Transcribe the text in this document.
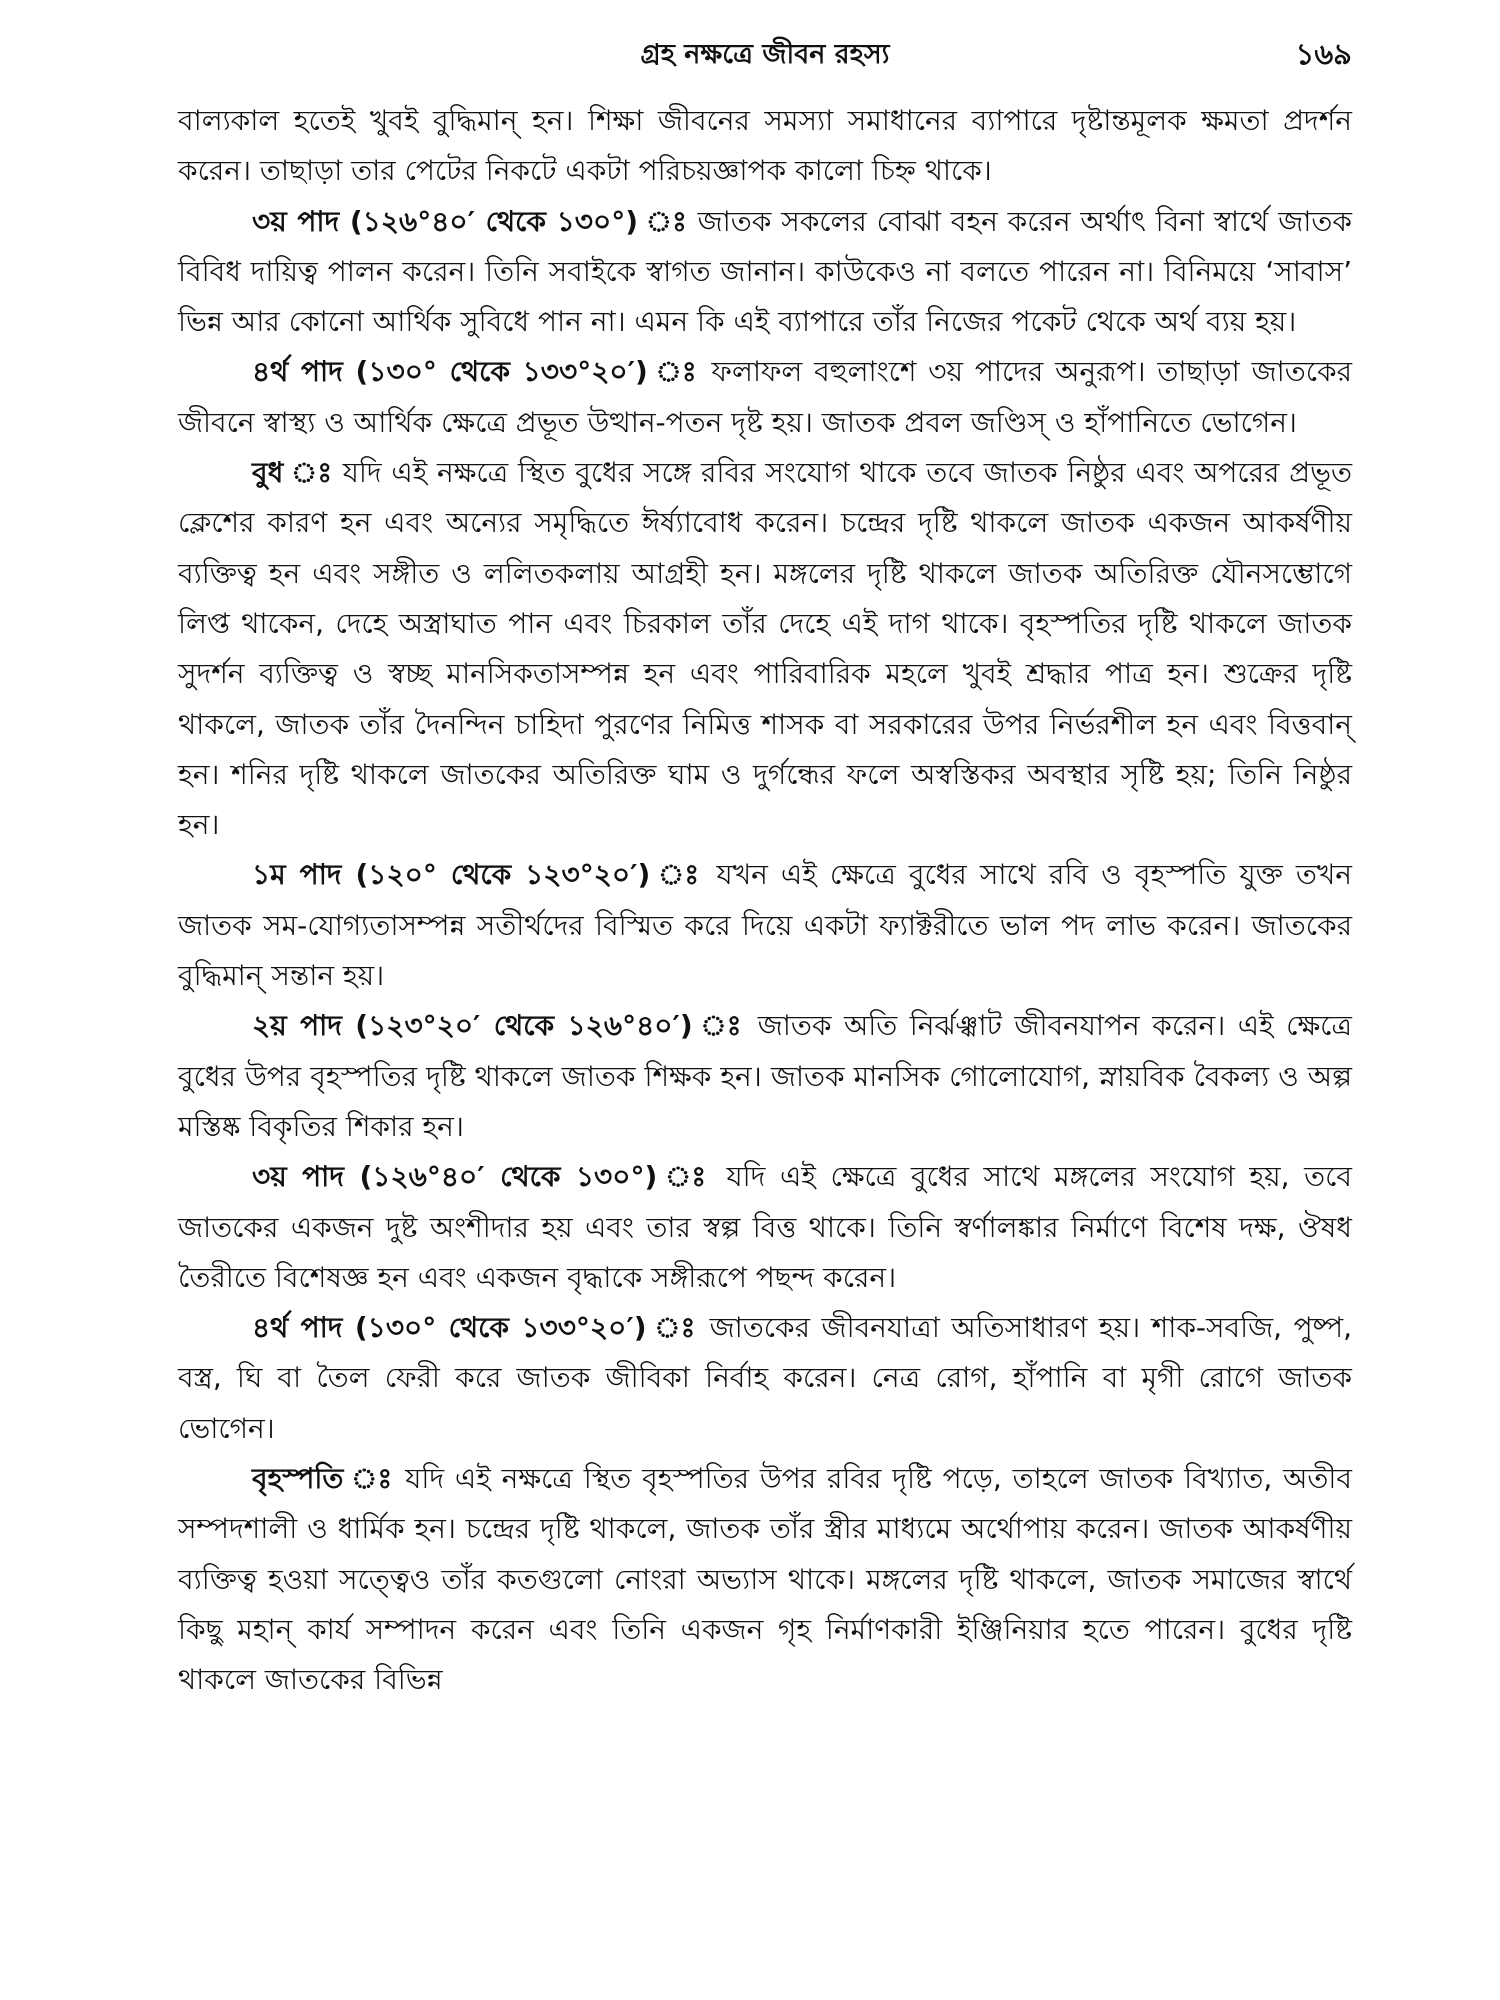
গ্রহ নক্ষত্রে জীবন রহস্য	১৬৯

বাল্যকাল হতেই খুবই বুদ্ধিমান্‌ হন। শিক্ষা জীবনের সমস্যা সমাধানের ব্যাপারে দৃষ্টান্তমূলক ক্ষমতা প্রদর্শন করেন। তাছাড়া তার পেটের নিকটে একটা পরিচয়জ্ঞাপক কালো চিহ্ন থাকে।

৩য় পাদ (১২৬°৪০′ থেকে ১৩০°) ঃ জাতক সকলের বোঝা বহন করেন অর্থাৎ বিনা স্বার্থে জাতক বিবিধ দায়িত্ব পালন করেন। তিনি সবাইকে স্বাগত জানান। কাউকেও না বলতে পারেন না। বিনিময়ে ‘সাবাস’ ভিন্ন আর কোনো আর্থিক সুবিধে পান না। এমন কি এই ব্যাপারে তাঁর নিজের পকেট থেকে অর্থ ব্যয় হয়।

৪র্থ পাদ (১৩০° থেকে ১৩৩°২০′) ঃ ফলাফল বহুলাংশে ৩য় পাদের অনুরূপ। তাছাড়া জাতকের জীবনে স্বাস্থ্য ও আর্থিক ক্ষেত্রে প্রভূত উত্থান-পতন দৃষ্ট হয়। জাতক প্রবল জণ্ডিস্‌ ও হাঁপানিতে ভোগেন।

বুধ ঃ যদি এই নক্ষত্রে স্থিত বুধের সঙ্গে রবির সংযোগ থাকে তবে জাতক নিষ্ঠুর এবং অপরের প্রভূত ক্লেশের কারণ হন এবং অন্যের সমৃদ্ধিতে ঈর্ষ্যাবোধ করেন। চন্দ্রের দৃষ্টি থাকলে জাতক একজন আকর্ষণীয় ব্যক্তিত্ব হন এবং সঙ্গীত ও ললিতকলায় আগ্রহী হন। মঙ্গলের দৃষ্টি থাকলে জাতক অতিরিক্ত যৌনসম্ভোগে লিপ্ত থাকেন, দেহে অস্ত্রাঘাত পান এবং চিরকাল তাঁর দেহে এই দাগ থাকে। বৃহস্পতির দৃষ্টি থাকলে জাতক সুদর্শন ব্যক্তিত্ব ও স্বচ্ছ মানসিকতাসম্পন্ন হন এবং পারিবারিক মহলে খুবই শ্রদ্ধার পাত্র হন। শুক্রের দৃষ্টি থাকলে, জাতক তাঁর দৈনন্দিন চাহিদা পুরণের নিমিত্ত শাসক বা সরকারের উপর নির্ভরশীল হন এবং বিত্তবান্‌ হন। শনির দৃষ্টি থাকলে জাতকের অতিরিক্ত ঘাম ও দুর্গন্ধের ফলে অস্বস্তিকর অবস্থার সৃষ্টি হয়; তিনি নিষ্ঠুর হন।

১ম পাদ (১২০° থেকে ১২৩°২০′) ঃ যখন এই ক্ষেত্রে বুধের সাথে রবি ও বৃহস্পতি যুক্ত তখন জাতক সম-যোগ্যতাসম্পন্ন সতীর্থদের বিস্মিত করে দিয়ে একটা ফ্যাক্টরীতে ভাল পদ লাভ করেন। জাতকের বুদ্ধিমান্‌ সন্তান হয়।

২য় পাদ (১২৩°২০′ থেকে ১২৬°৪০′) ঃ জাতক অতি নির্ঝঞ্ঝাট জীবনযাপন করেন। এই ক্ষেত্রে বুধের উপর বৃহস্পতির দৃষ্টি থাকলে জাতক শিক্ষক হন। জাতক মানসিক গোলোযোগ, স্নায়বিক বৈকল্য ও অল্প মস্তিষ্ক বিকৃতির শিকার হন।

৩য় পাদ (১২৬°৪০′ থেকে ১৩০°) ঃ যদি এই ক্ষেত্রে বুধের সাথে মঙ্গলের সংযোগ হয়, তবে জাতকের একজন দুষ্ট অংশীদার হয় এবং তার স্বল্প বিত্ত থাকে। তিনি স্বর্ণালঙ্কার নির্মাণে বিশেষ দক্ষ, ঔষধ তৈরীতে বিশেষজ্ঞ হন এবং একজন বৃদ্ধাকে সঙ্গীরূপে পছন্দ করেন।

৪র্থ পাদ (১৩০° থেকে ১৩৩°২০′) ঃ জাতকের জীবনযাত্রা অতিসাধারণ হয়। শাক-সবজি, পুষ্প, বস্ত্র, ঘি বা তৈল ফেরী করে জাতক জীবিকা নির্বাহ করেন। নেত্র রোগ, হাঁপানি বা মৃগী রোগে জাতক ভোগেন।

বৃহস্পতি ঃ যদি এই নক্ষত্রে স্থিত বৃহস্পতির উপর রবির দৃষ্টি পড়ে, তাহলে জাতক বিখ্যাত, অতীব সম্পদশালী ও ধার্মিক হন। চন্দ্রের দৃষ্টি থাকলে, জাতক তাঁর স্ত্রীর মাধ্যমে অর্থোপায় করেন। জাতক আকর্ষণীয় ব্যক্তিত্ব হওয়া সত্ত্বেও তাঁর কতগুলো নোংরা অভ্যাস থাকে। মঙ্গলের দৃষ্টি থাকলে, জাতক সমাজের স্বার্থে কিছু মহান্‌ কার্য সম্পাদন করেন এবং তিনি একজন গৃহ নির্মাণকারী ইঞ্জিনিয়ার হতে পারেন। বুধের দৃষ্টি থাকলে জাতকের বিভিন্ন
